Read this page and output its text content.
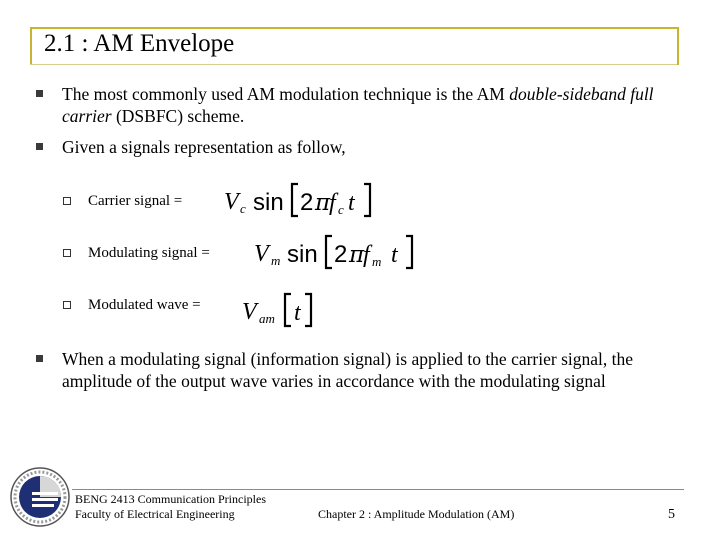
2.1 : AM Envelope
The most commonly used AM modulation technique is the AM double-sideband full carrier (DSBFC) scheme.
Given a signals representation as follow,
Carrier signal = V c sin 2 π
f c t
Modulating signal = V m sin 2 π
f m t
Modulated wave = V am t
When a modulating signal (information signal) is applied to the carrier signal, the amplitude of the output wave varies in accordance with the modulating signal
BENG 2413 Communication Principles
Faculty of Electrical Engineering	Chapter 2 : Amplitude Modulation (AM)	5
